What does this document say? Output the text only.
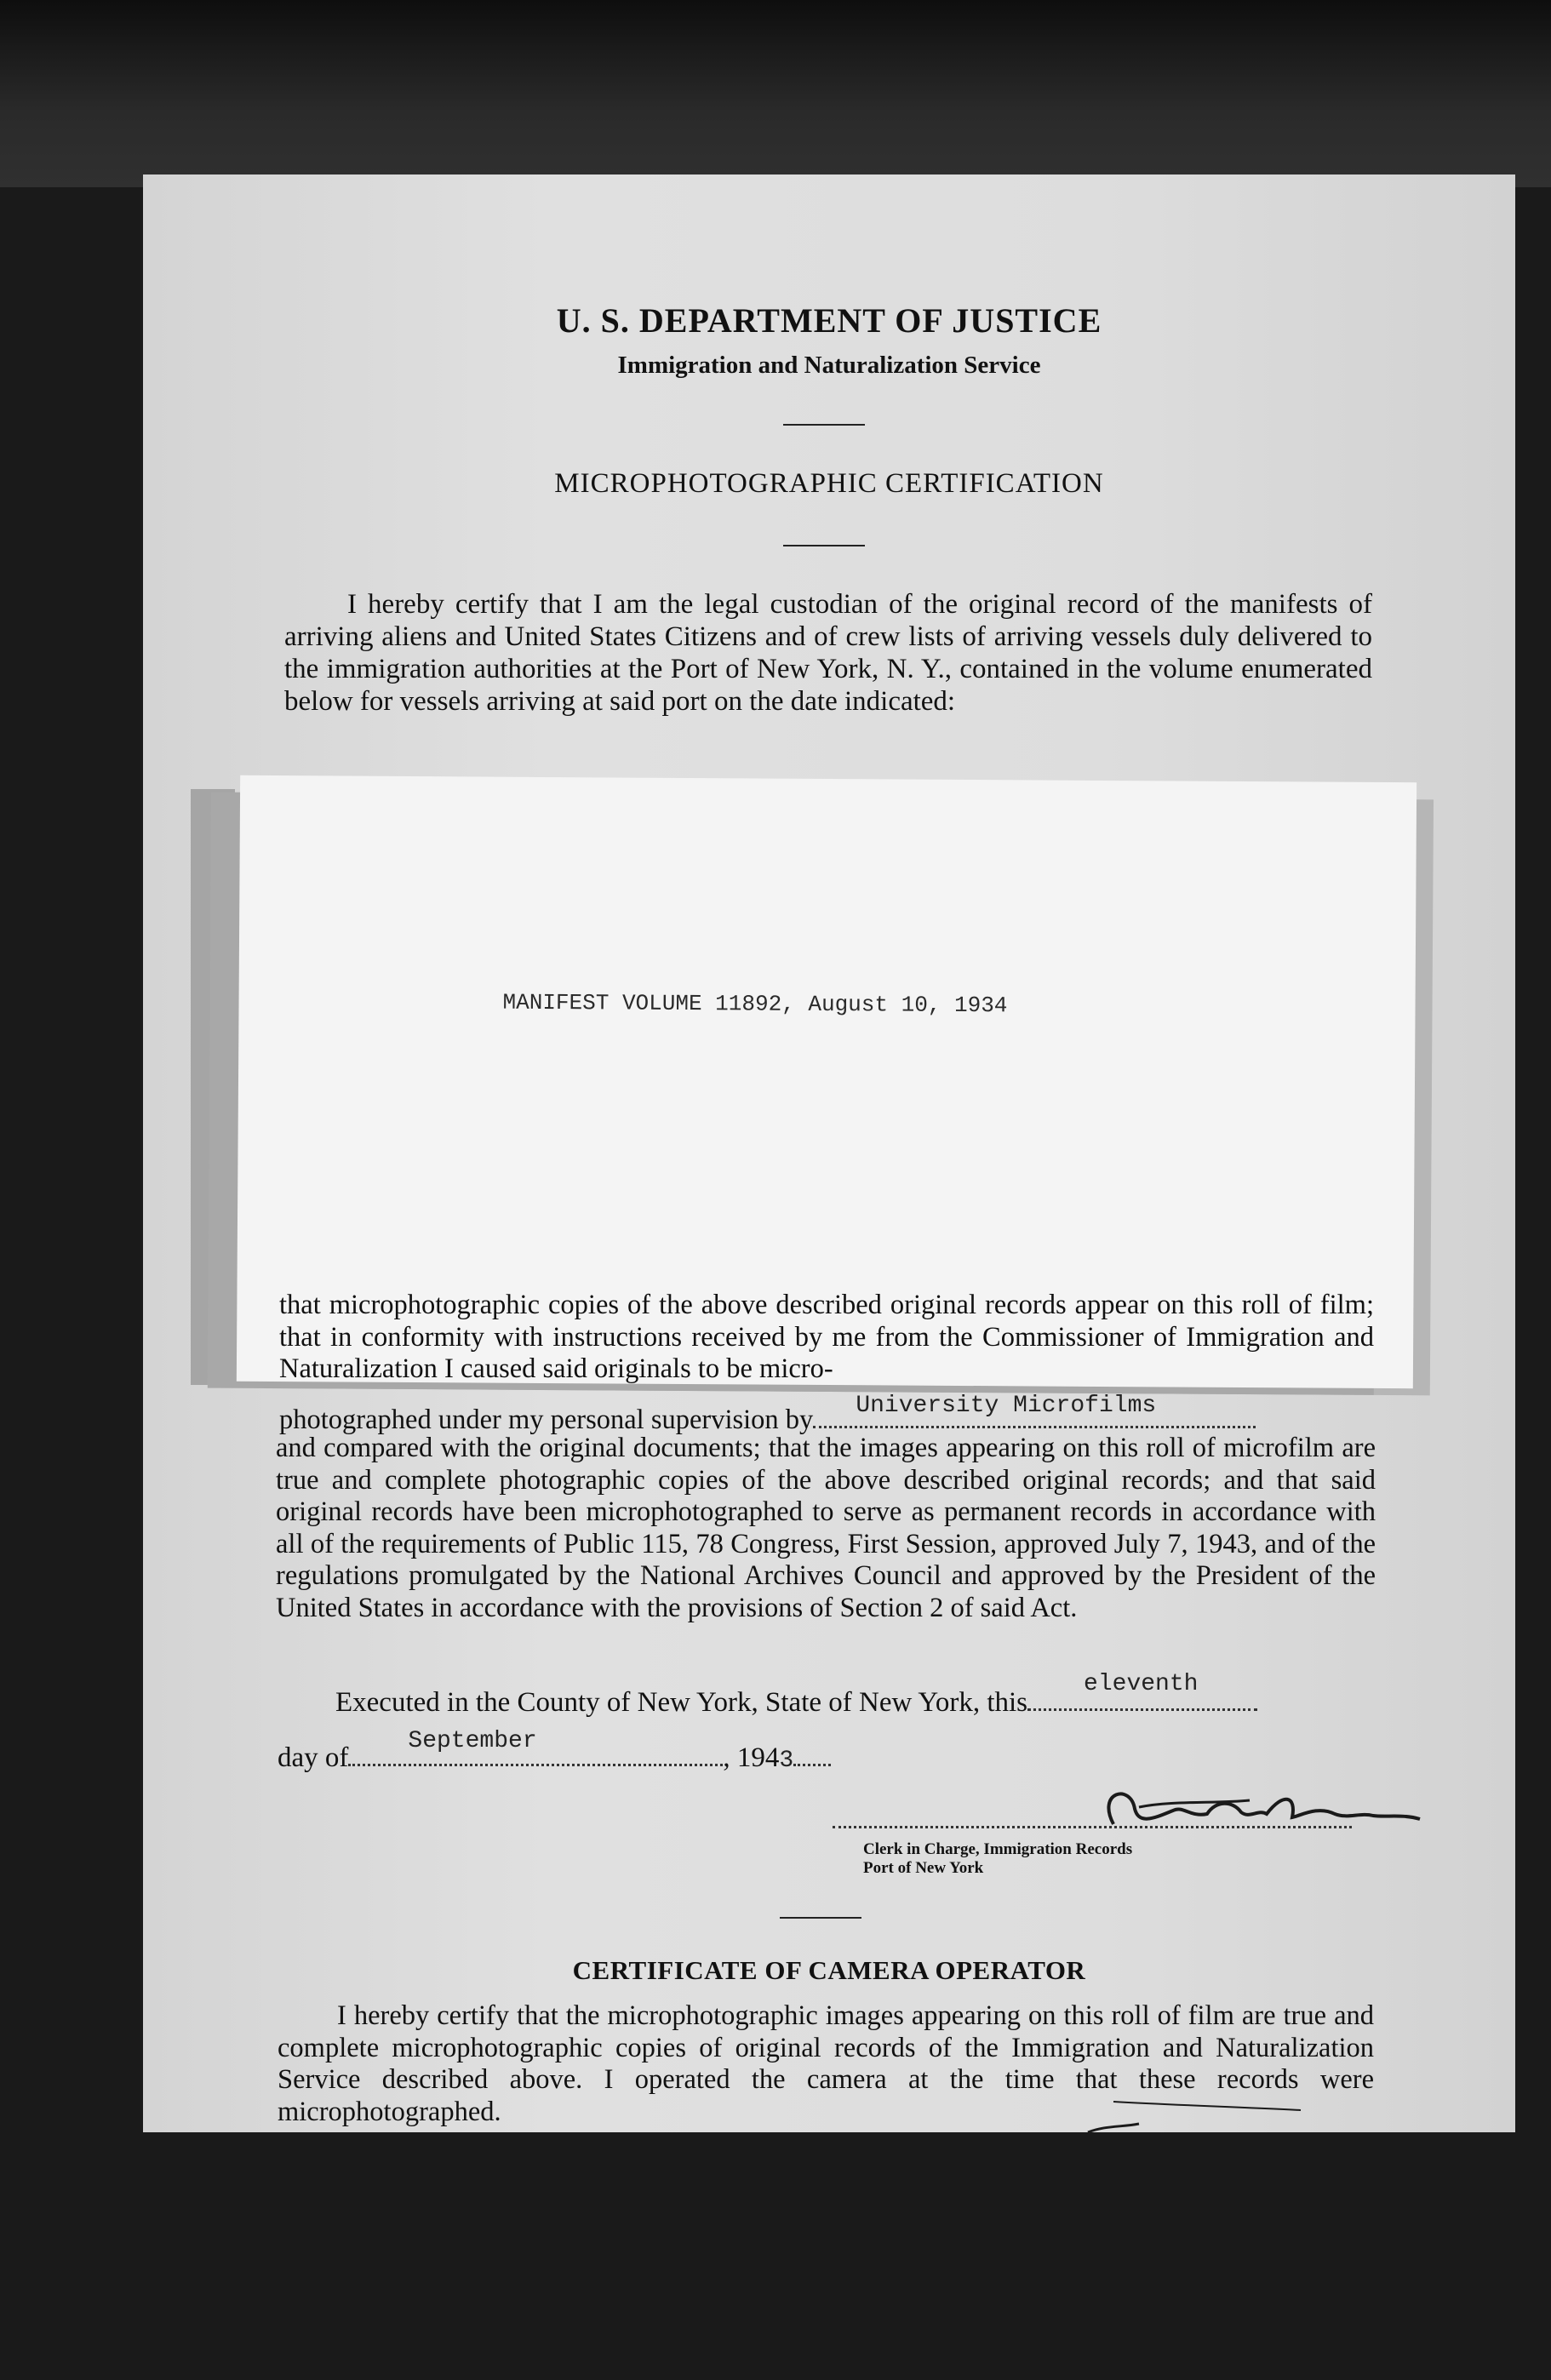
U. S. DEPARTMENT OF JUSTICE
Immigration and Naturalization Service
MICROPHOTOGRAPHIC CERTIFICATION
I hereby certify that I am the legal custodian of the original record of the manifests of arriving aliens and United States Citizens and of crew lists of arriving vessels duly delivered to the immigration authorities at the Port of New York, N. Y., contained in the volume enumerated below for vessels arriving at said port on the date indicated:
MANIFEST VOLUME 11892, August 10, 1934
that microphotographic copies of the above described original records appear on this roll of film; that in conformity with instructions received by me from the Commissioner of Immigration and Naturalization I caused said originals to be micro-
photographed under my personal supervision by University Microfilms
and compared with the original documents; that the images appearing on this roll of microfilm are true and complete photographic copies of the above described original records; and that said original records have been microphotographed to serve as permanent records in accordance with all of the requirements of Public 115, 78 Congress, First Session, approved July 7, 1943, and of the regulations promulgated by the National Archives Council and approved by the President of the United States in accordance with the provisions of Section 2 of said Act.
Executed in the County of New York, State of New York, this
eleventh
day of
September
, 1943
Clerk in Charge, Immigration Records
Port of New York
CERTIFICATE OF CAMERA OPERATOR
I hereby certify that the microphotographic images appearing on this roll of film are true and complete microphotographic copies of original records of the Immigration and Naturalization Service described above. I operated the camera at the time that these records were microphotographed.
